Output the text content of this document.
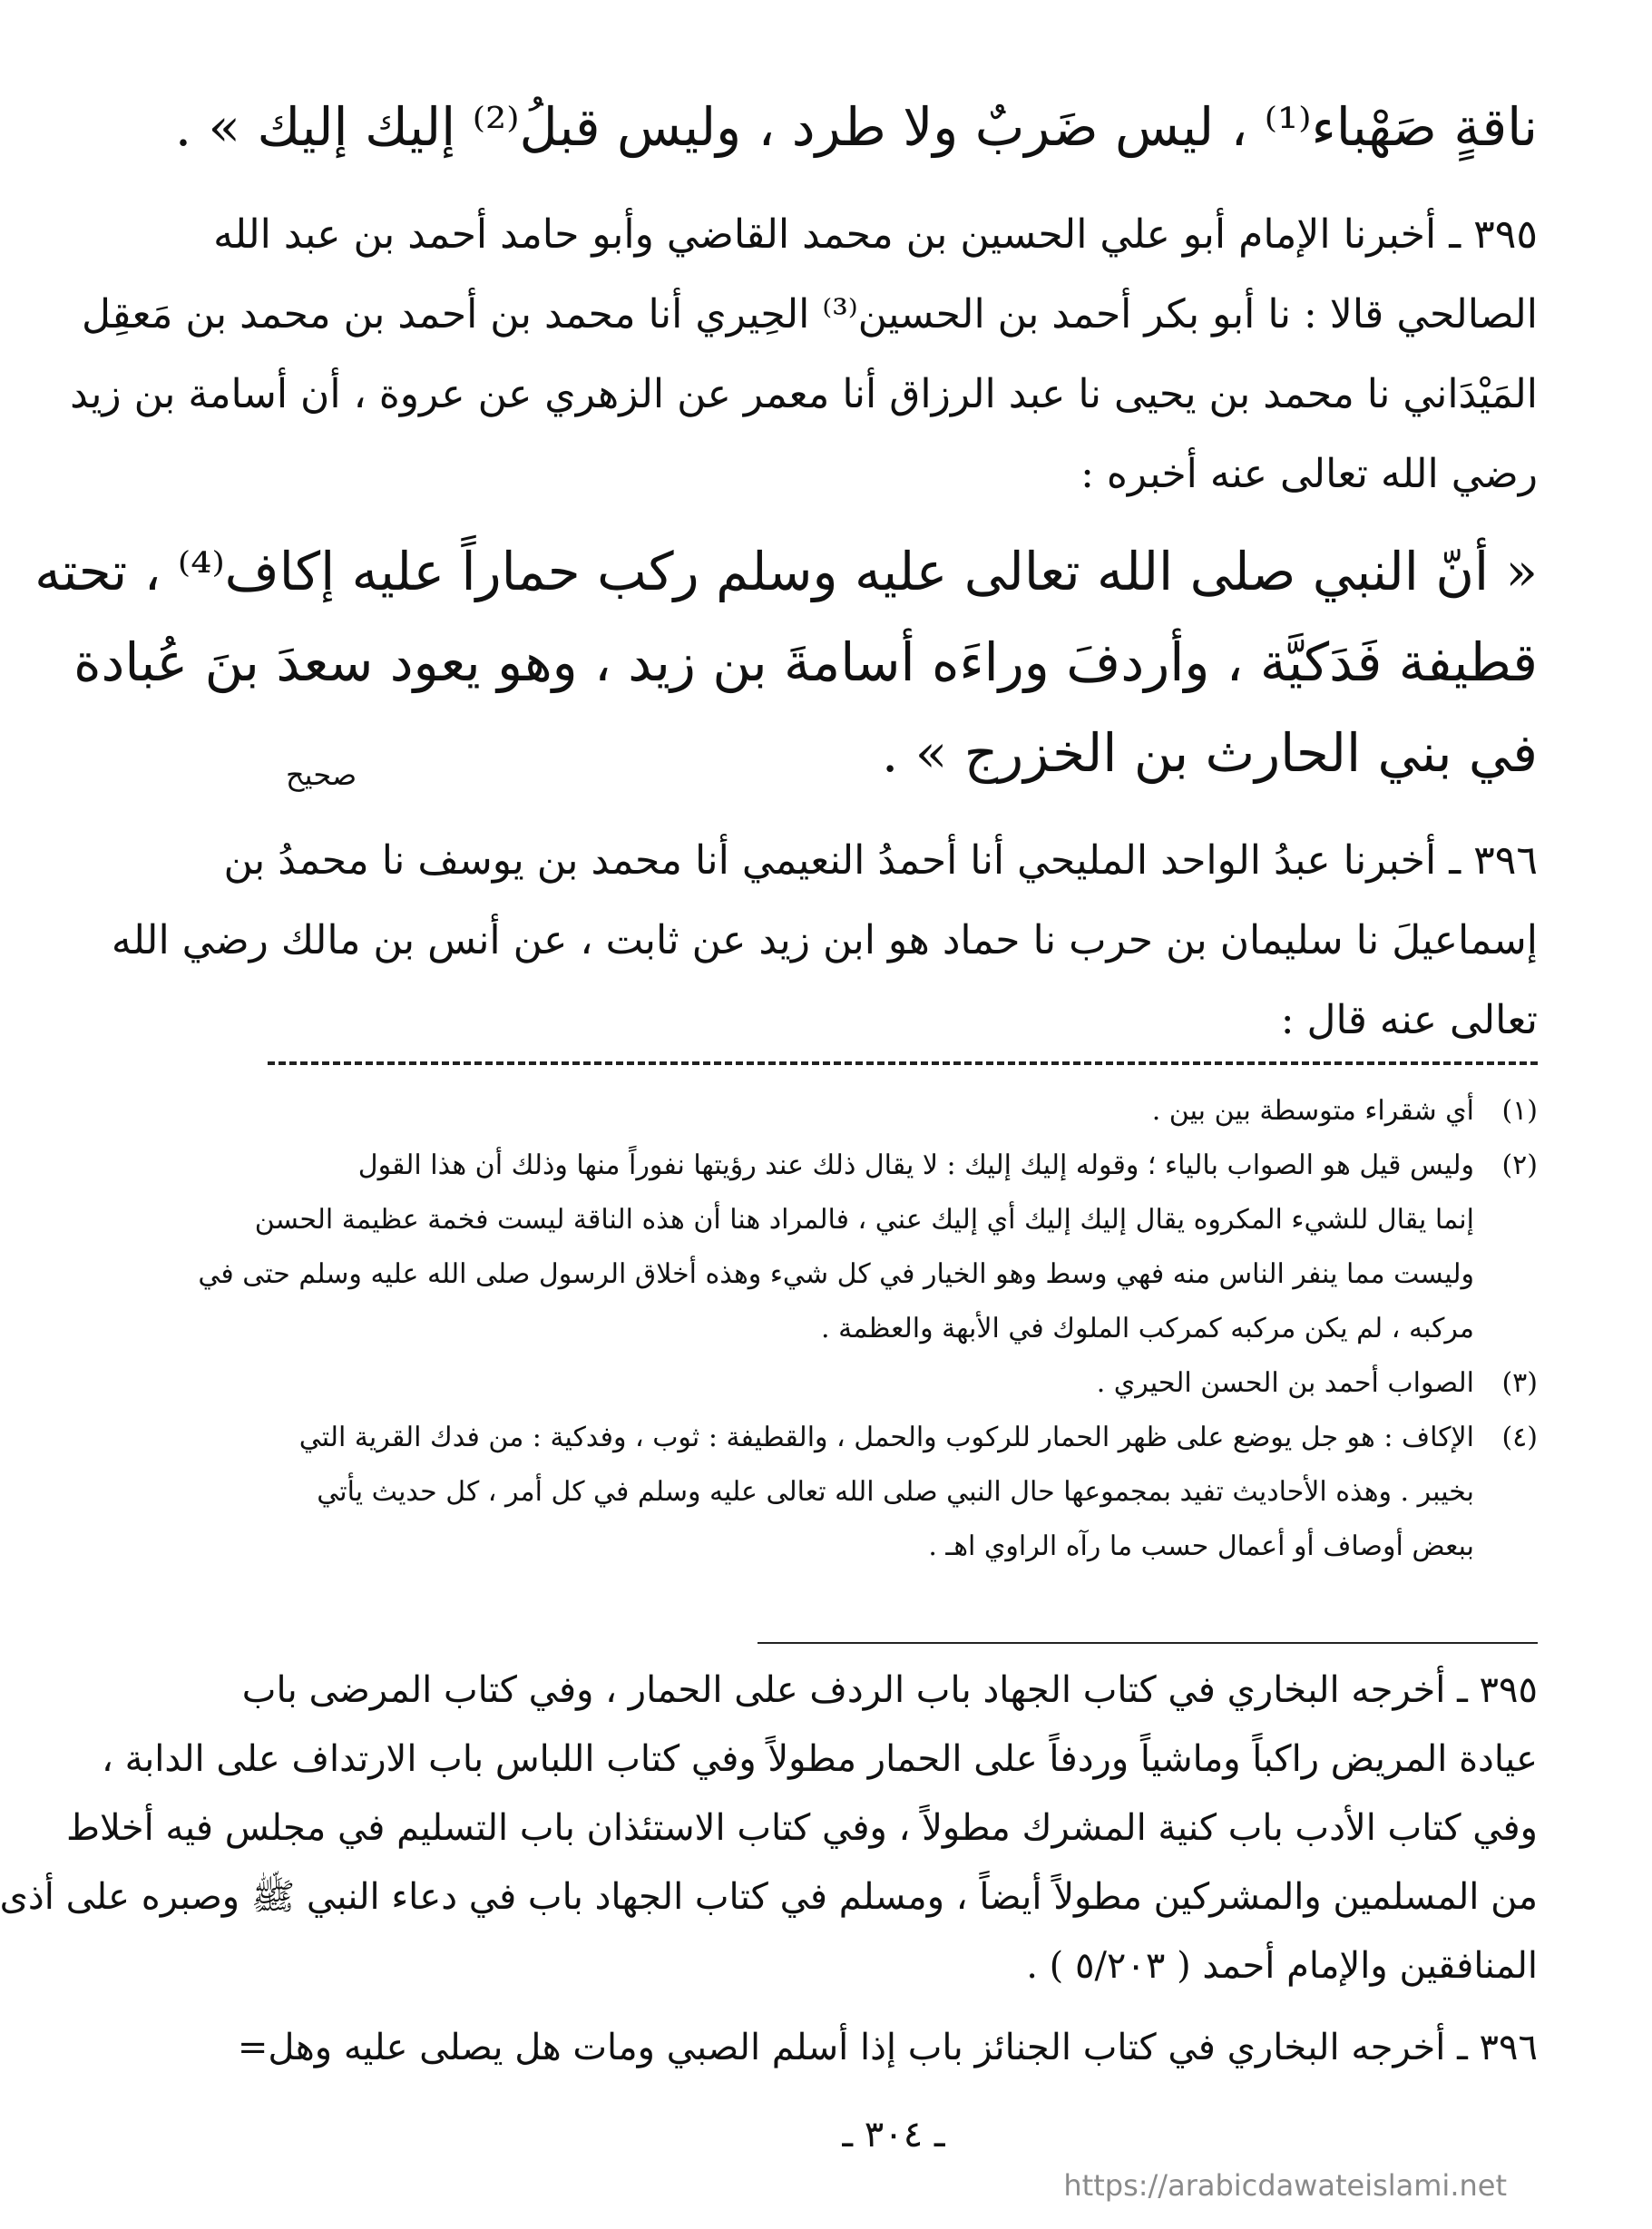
ناقةٍ صَهْباء⁽¹⁾ ، ليس ضَربٌ ولا طرد ، وليس قبلُ⁽²⁾ إليك إليك » .
٣٩٥ ـ أخبرنا الإمام أبو علي الحسين بن محمد القاضي وأبو حامد أحمد بن عبد الله
الصالحي قالا : نا أبو بكر أحمد بن الحسين⁽³⁾ الحِيري أنا محمد بن أحمد بن محمد بن مَعقِل
المَيْدَاني نا محمد بن يحيى نا عبد الرزاق أنا معمر عن الزهري عن عروة ، أن أسامة بن زيد
رضي الله تعالى عنه أخبره :
« أنّ النبي صلى الله تعالى عليه وسلم ركب حماراً عليه إكاف⁽⁴⁾ ، تحته
قطيفة فَدَكيَّة ، وأردفَ وراءَه أسامةَ بن زيد ، وهو يعود سعدَ بنَ عُبادة
في بني الحارث بن الخزرج » .
صحيح
٣٩٦ ـ أخبرنا عبدُ الواحد المليحي أنا أحمدُ النعيمي أنا محمد بن يوسف نا محمدُ بن
إسماعيلَ نا سليمان بن حرب نا حماد هو ابن زيد عن ثابت ، عن أنس بن مالك رضي الله
تعالى عنه قال :
(١)
أي شقراء متوسطة بين بين .
(٢)
وليس قيل هو الصواب بالياء ؛ وقوله إليك إليك : لا يقال ذلك عند رؤيتها نفوراً منها وذلك أن هذا القول
إنما يقال للشيء المكروه يقال إليك إليك أي إليك عني ، فالمراد هنا أن هذه الناقة ليست فخمة عظيمة الحسن
وليست مما ينفر الناس منه فهي وسط وهو الخيار في كل شيء وهذه أخلاق الرسول صلى الله عليه وسلم حتى في
مركبه ، لم يكن مركبه كمركب الملوك في الأبهة والعظمة .
(٣)
الصواب أحمد بن الحسن الحيري .
(٤)
الإكاف : هو جل يوضع على ظهر الحمار للركوب والحمل ، والقطيفة : ثوب ، وفدكية : من فدك القرية التي
بخيبر . وهذه الأحاديث تفيد بمجموعها حال النبي صلى الله تعالى عليه وسلم في كل أمر ، كل حديث يأتي
ببعض أوصاف أو أعمال حسب ما رآه الراوي اهـ .
٣٩٥ ـ أخرجه البخاري في كتاب الجهاد باب الردف على الحمار ، وفي كتاب المرضى باب
عيادة المريض راكباً وماشياً وردفاً على الحمار مطولاً وفي كتاب اللباس باب الارتداف على الدابة ،
وفي كتاب الأدب باب كنية المشرك مطولاً ، وفي كتاب الاستئذان باب التسليم في مجلس فيه أخلاط
من المسلمين والمشركين مطولاً أيضاً ، ومسلم في كتاب الجهاد باب في دعاء النبي ﷺ وصبره على أذى
المنافقين والإمام أحمد ( ٥/٢٠٣ ) .
٣٩٦ ـ أخرجه البخاري في كتاب الجنائز باب إذا أسلم الصبي ومات هل يصلى عليه وهل=
ـ ٣٠٤ ـ
https://arabicdawateislami.net
